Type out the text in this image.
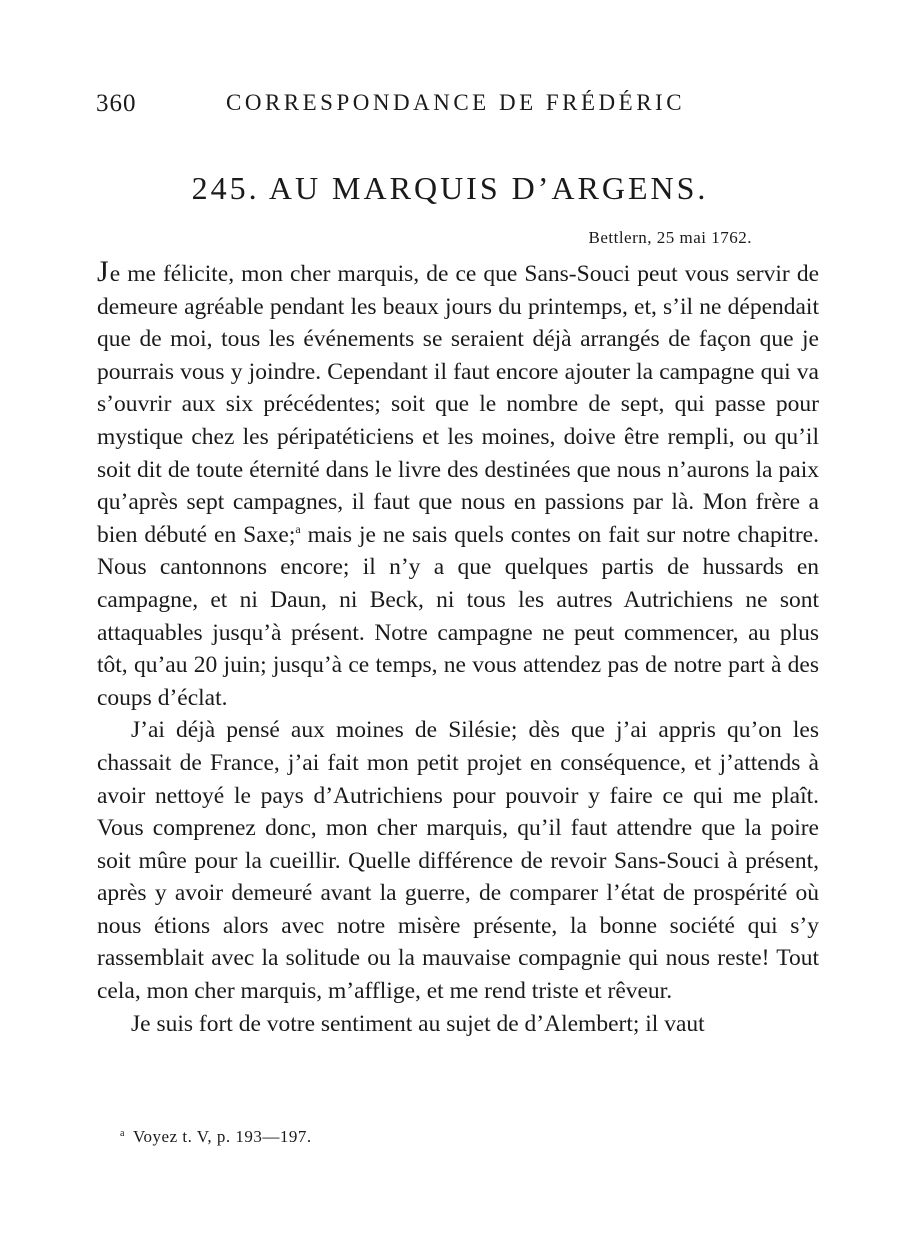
360	CORRESPONDANCE DE FRÉDÉRIC
245. AU MARQUIS D’ARGENS.
Bettlern, 25 mai 1762.

Je me félicite, mon cher marquis, de ce que Sans-Souci peut vous servir de demeure agréable pendant les beaux jours du printemps, et, s’il ne dépendait que de moi, tous les événements se seraient déjà arrangés de façon que je pourrais vous y joindre. Cependant il faut encore ajouter la campagne qui va s’ouvrir aux six précédentes; soit que le nombre de sept, qui passe pour mystique chez les péripatéticiens et les moines, doive être rempli, ou qu’il soit dit de toute éternité dans le livre des destinées que nous n’aurons la paix qu’après sept campagnes, il faut que nous en passions par là. Mon frère a bien débuté en Saxe;$^a$ mais je ne sais quels contes on fait sur notre chapitre. Nous cantonnons encore; il n’y a que quelques partis de hussards en campagne, et ni Daun, ni Beck, ni tous les autres Autrichiens ne sont attaquables jusqu’à présent. Notre campagne ne peut commencer, au plus tôt, qu’au 20 juin; jusqu’à ce temps, ne vous attendez pas de notre part à des coups d’éclat.

J’ai déjà pensé aux moines de Silésie; dès que j’ai appris qu’on les chassait de France, j’ai fait mon petit projet en conséquence, et j’attends à avoir nettoyé le pays d’Autrichiens pour pouvoir y faire ce qui me plaît. Vous comprenez donc, mon cher marquis, qu’il faut attendre que la poire soit mûre pour la cueillir. Quelle différence de revoir Sans-Souci à présent, après y avoir demeuré avant la guerre, de comparer l’état de prospérité où nous étions alors avec notre misère présente, la bonne société qui s’y rassemblait avec la solitude ou la mauvaise compagnie qui nous reste! Tout cela, mon cher marquis, m’afflige, et me rend triste et rêveur.

Je suis fort de votre sentiment au sujet de d’Alembert; il vaut

$^a$ Voyez t. V, p. 193—197.
